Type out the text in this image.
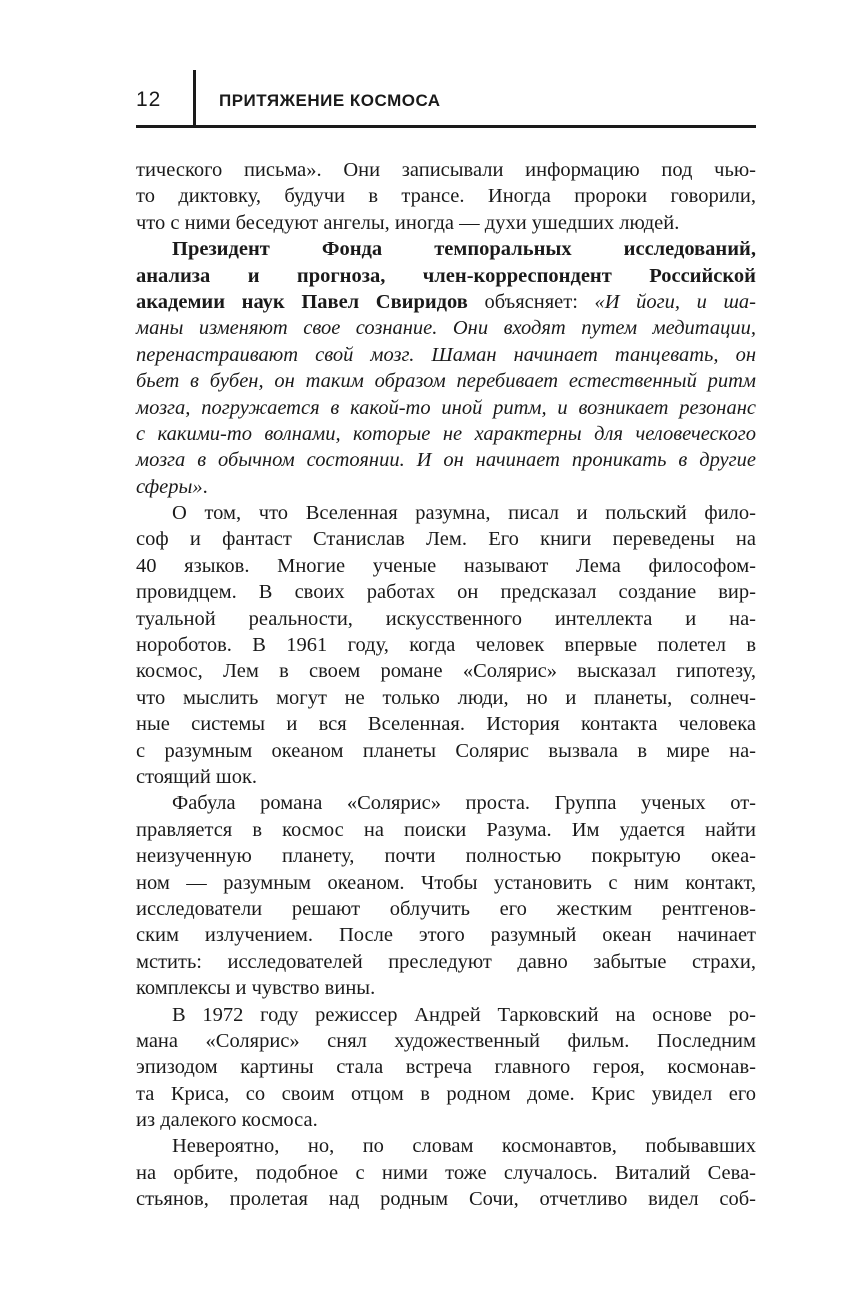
12	ПРИТЯЖЕНИЕ КОСМОСА
тического письма». Они записывали информацию под чью-
то диктовку, будучи в трансе. Иногда пророки говорили,
что с ними беседуют ангелы, иногда — духи ушедших людей.
Президент Фонда темпоральных исследований,
анализа и прогноза, член-корреспондент Российской
академии наук Павел Свиридов объясняет: «И йоги, и ша-
маны изменяют свое сознание. Они входят путем медитации,
перенастраивают свой мозг. Шаман начинает танцевать, он
бьет в бубен, он таким образом перебивает естественный ритм
мозга, погружается в какой-то иной ритм, и возникает резонанс
с какими-то волнами, которые не характерны для человеческого
мозга в обычном состоянии. И он начинает проникать в другие
сферы».
О том, что Вселенная разумна, писал и польский фило-
соф и фантаст Станислав Лем. Его книги переведены на
40 языков. Многие ученые называют Лема философом-
провидцем. В своих работах он предсказал создание вир-
туальной реальности, искусственного интеллекта и на-
нороботов. В 1961 году, когда человек впервые полетел в
космос, Лем в своем романе «Солярис» высказал гипотезу,
что мыслить могут не только люди, но и планеты, солнеч-
ные системы и вся Вселенная. История контакта человека
с разумным океаном планеты Солярис вызвала в мире на-
стоящий шок.
Фабула романа «Солярис» проста. Группа ученых от-
правляется в космос на поиски Разума. Им удается найти
неизученную планету, почти полностью покрытую океа-
ном — разумным океаном. Чтобы установить с ним контакт,
исследователи решают облучить его жестким рентгенов-
ским излучением. После этого разумный океан начинает
мстить: исследователей преследуют давно забытые страхи,
комплексы и чувство вины.
В 1972 году режиссер Андрей Тарковский на основе ро-
мана «Солярис» снял художественный фильм. Последним
эпизодом картины стала встреча главного героя, космонав-
та Криса, со своим отцом в родном доме. Крис увидел его
из далекого космоса.
Невероятно, но, по словам космонавтов, побывавших
на орбите, подобное с ними тоже случалось. Виталий Сева-
стьянов, пролетая над родным Сочи, отчетливо видел соб-
